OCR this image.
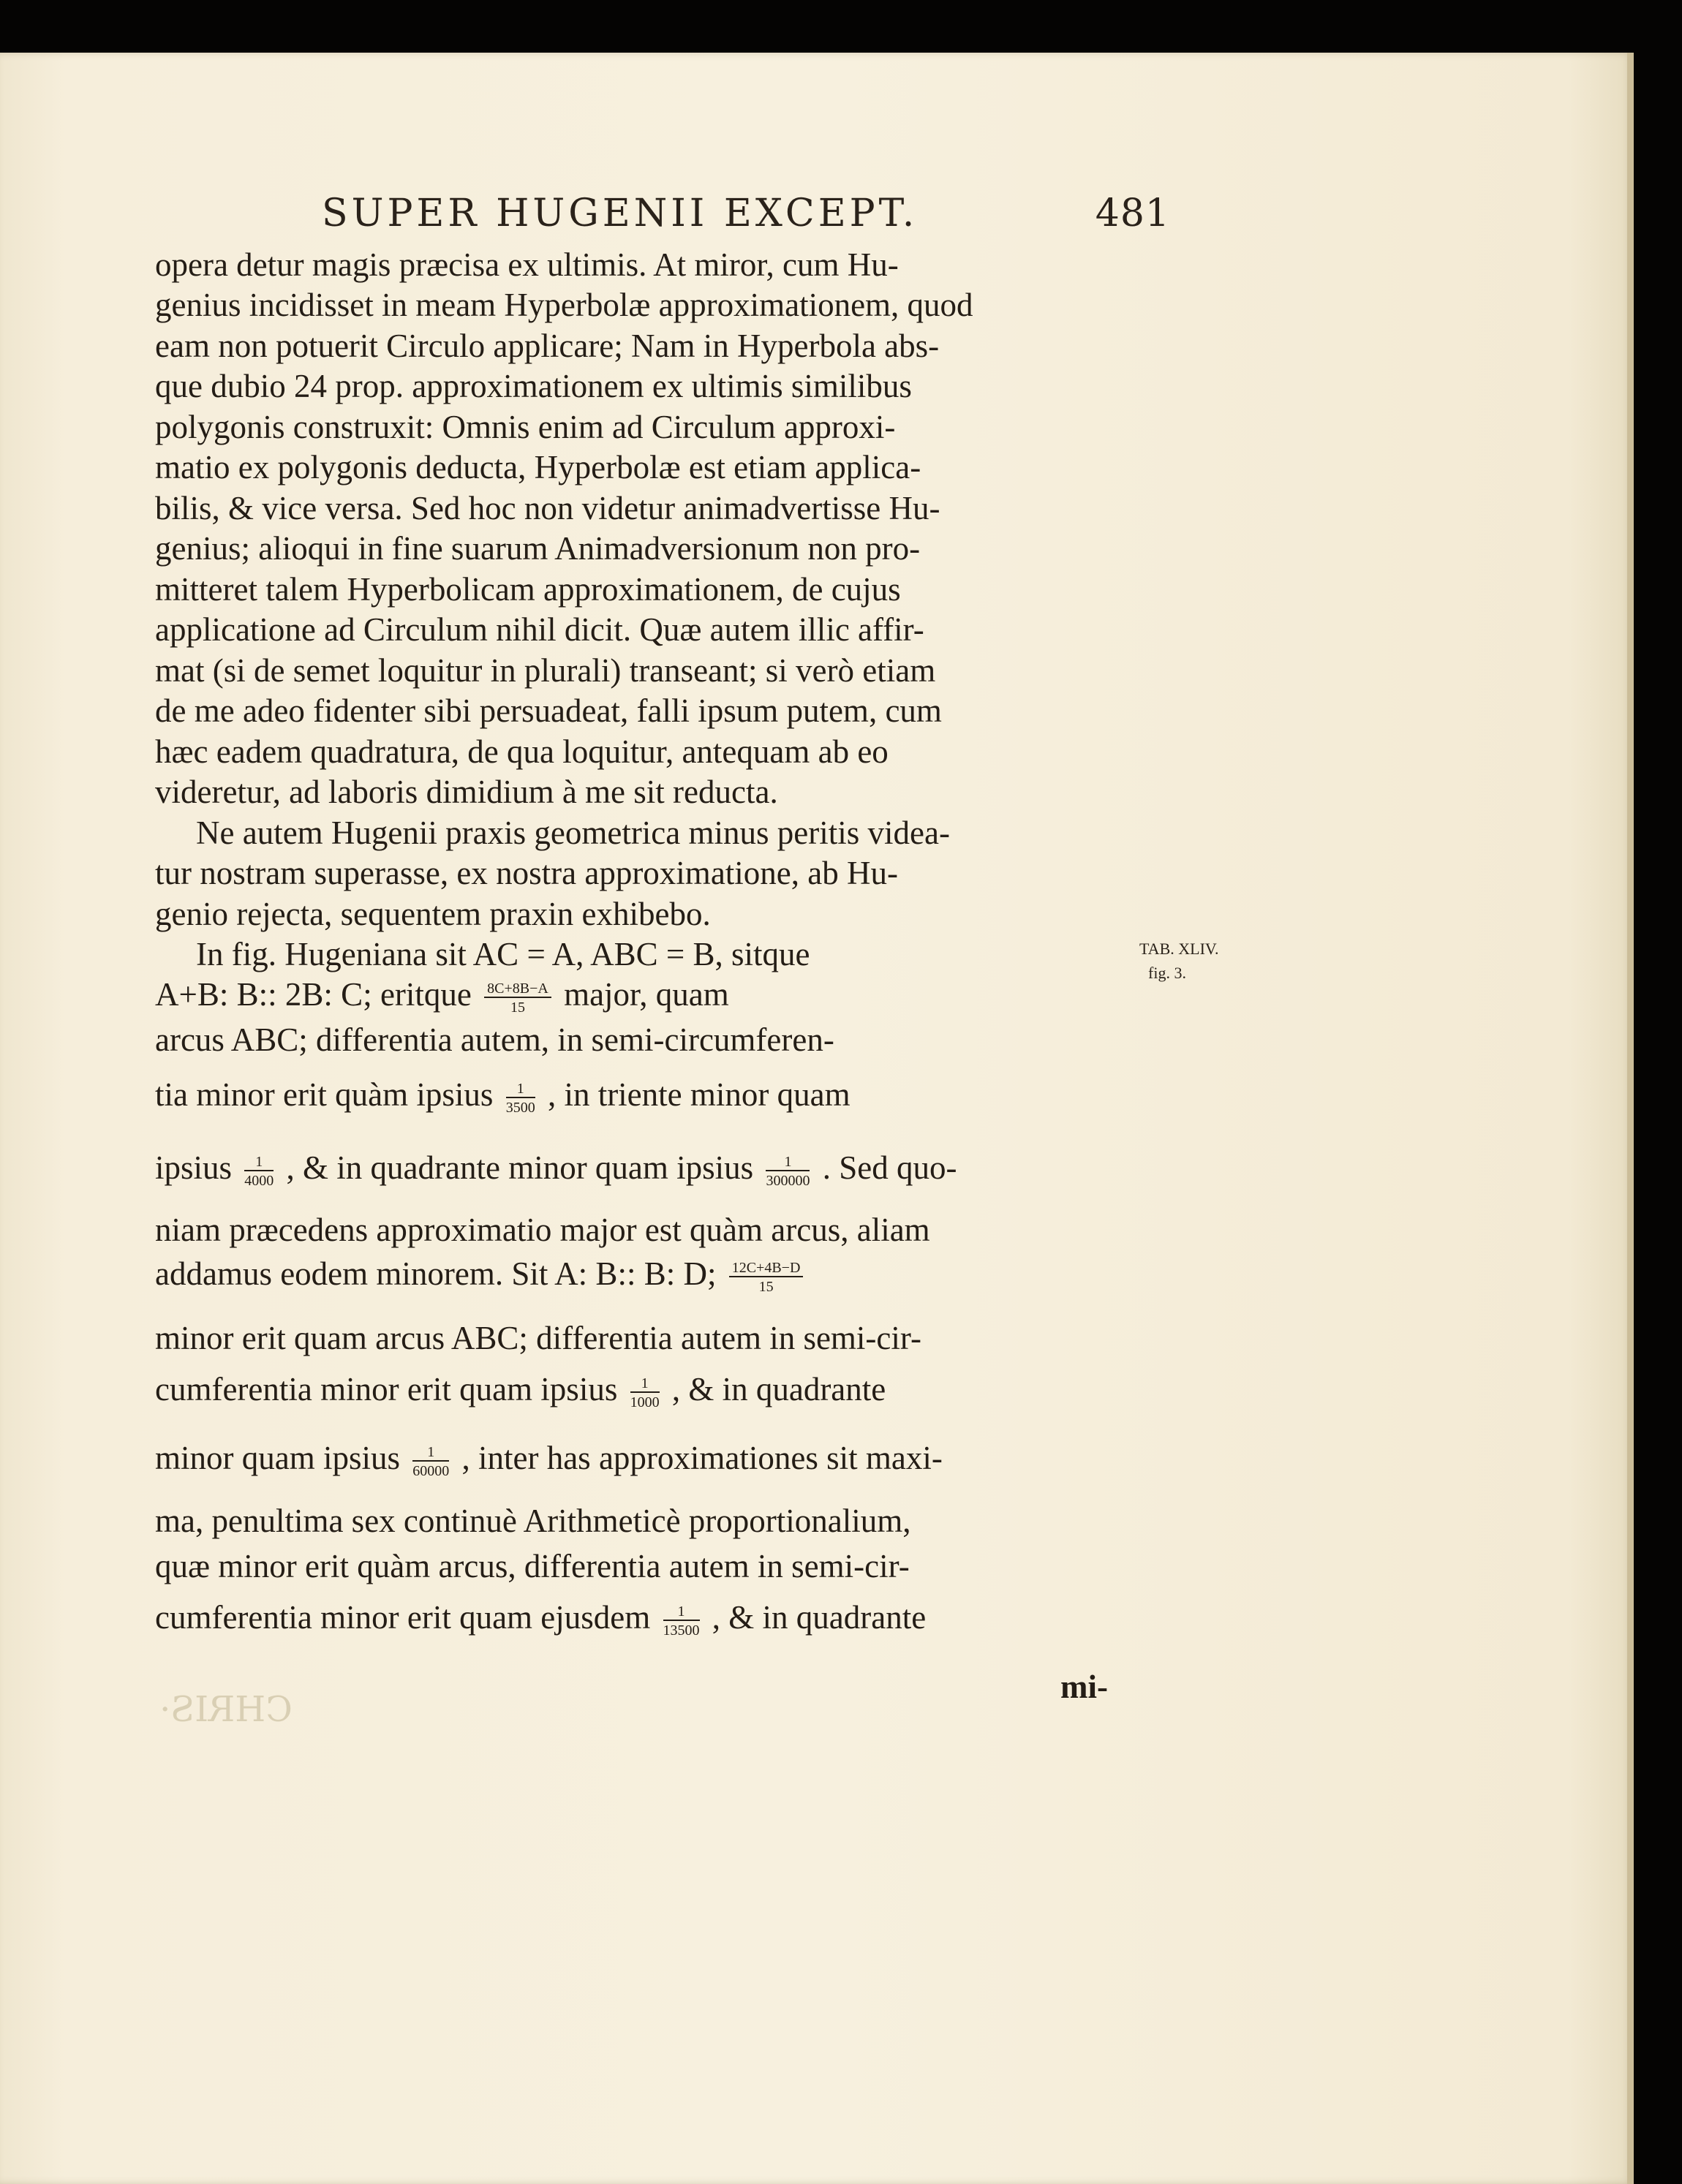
SUPER HUGENII EXCEPT.	481
opera detur magis præcisa ex ultimis. At miror, cum Hu-
genius incidisset in meam Hyperbolæ approximationem, quod
eam non potuerit Circulo applicare; Nam in Hyperbola abs-
que dubio 24 prop. approximationem ex ultimis similibus
polygonis construxit: Omnis enim ad Circulum approxi-
matio ex polygonis deducta, Hyperbolæ est etiam applica-
bilis, & vice versa. Sed hoc non videtur animadvertisse Hu-
genius; alioqui in fine suarum Animadversionum non pro-
mitteret talem Hyperbolicam approximationem, de cujus
applicatione ad Circulum nihil dicit. Quæ autem illic affir-
mat (si de semet loquitur in plurali) transeant; si verò etiam
de me adeo fidenter sibi persuadeat, falli ipsum putem, cum
hæc eadem quadratura, de qua loquitur, antequam ab eo
videretur, ad laboris dimidium à me sit reducta.
Ne autem Hugenii praxis geometrica minus peritis videa-
tur nostram superasse, ex nostra approximatione, ab Hu-
genio rejecta, sequentem praxin exhibebo.
In fig. Hugeniana sit AC = A, ABC = B, sitque	TAB. XLIV.
fig. 3.
A+B: B:: 2B: C; eritque $\frac{8C+8B-A}{15}$ major, quam
arcus ABC; differentia autem, in semi-circumferen-
tia minor erit quàm ipsius $\frac{1}{3500}$ , in triente minor quam
ipsius $\frac{1}{4000}$ , & in quadrante minor quam ipsius $\frac{1}{300000}$ . Sed quo-
niam præcedens approximatio major est quàm arcus, aliam
addamus eodem minorem. Sit A: B:: B: D; $\frac{12C+4B-D}{15}$
minor erit quam arcus ABC; differentia autem in semi-cir-
cumferentia minor erit quam ipsius $\frac{1}{1000}$ , & in quadrante
minor quam ipsius $\frac{1}{60000}$ , inter has approximationes sit maxi-
ma, penultima sex continuè Arithmeticè proportionalium,
quæ minor erit quàm arcus, differentia autem in semi-cir-
cumferentia minor erit quam ejusdem $\frac{1}{13500}$ , & in quadrante
mi-
CHRIS·
